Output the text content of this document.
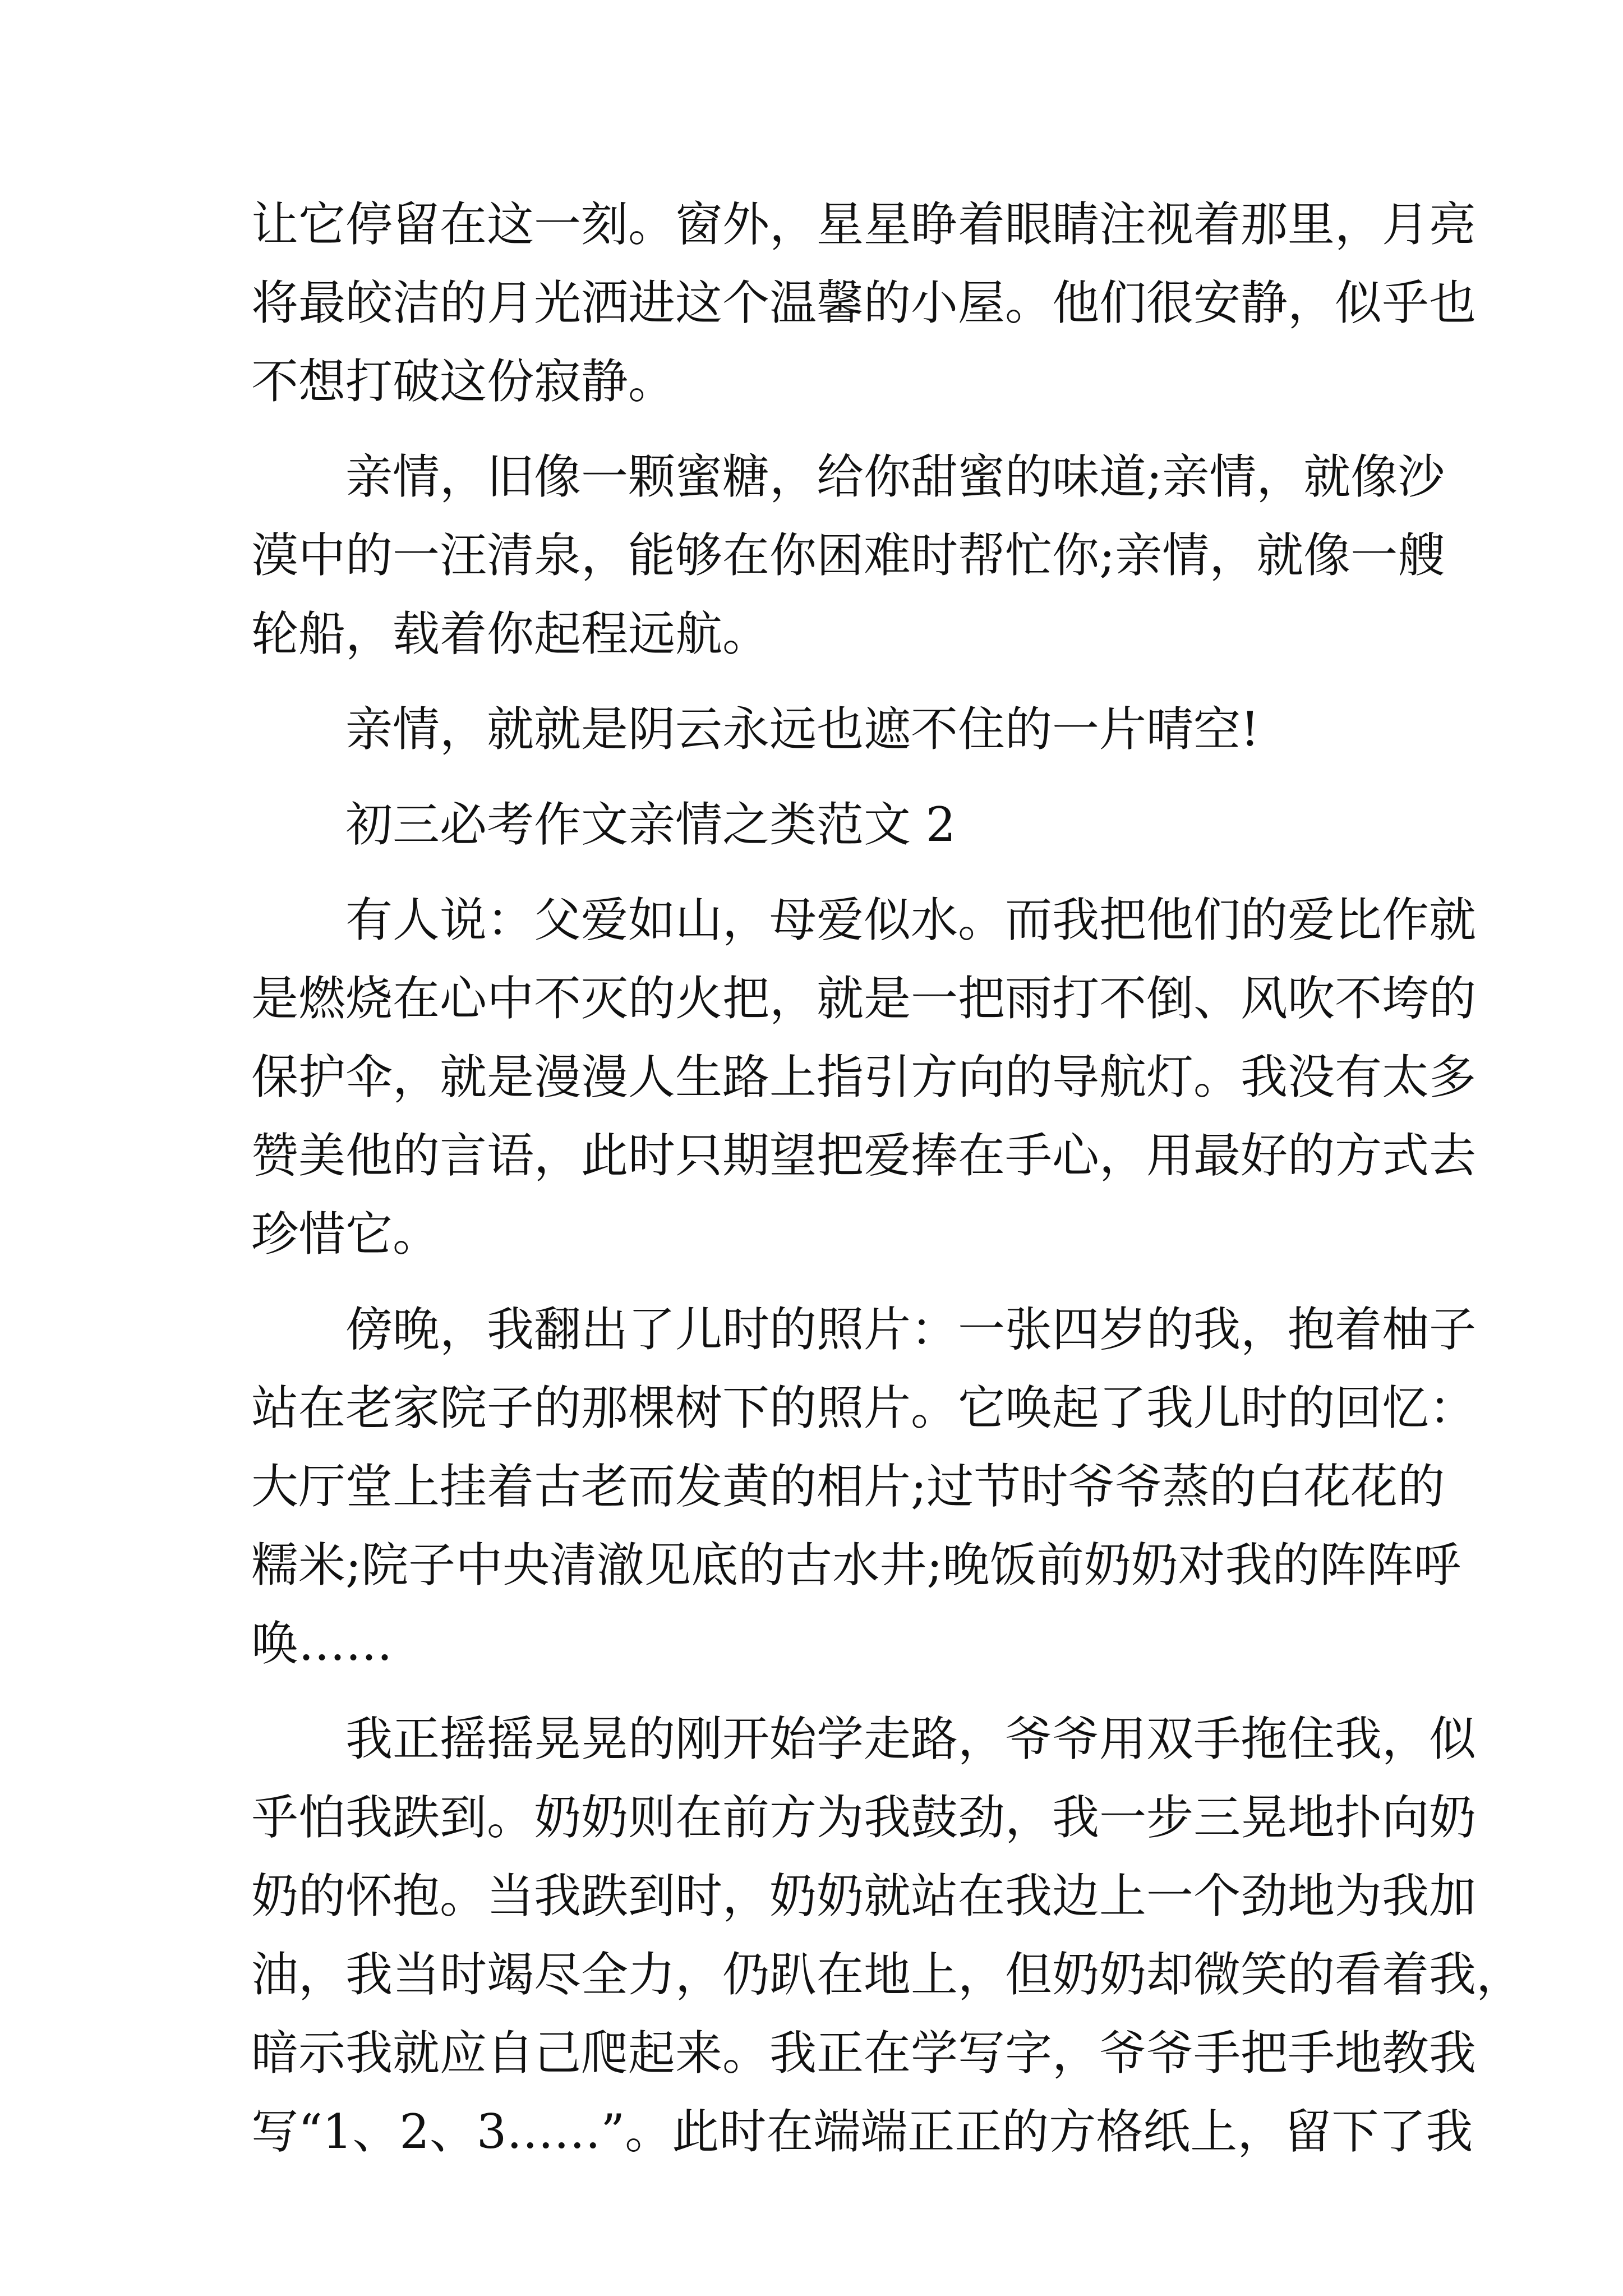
让它停留在这一刻。窗外，星星睁着眼睛注视着那里，月亮
将最皎洁的月光洒进这个温馨的小屋。他们很安静，似乎也
不想打破这份寂静。
亲情，旧像一颗蜜糖，给你甜蜜的味道;亲情，就像沙
漠中的一汪清泉，能够在你困难时帮忙你;亲情，就像一艘
轮船，载着你起程远航。
亲情，就就是阴云永远也遮不住的一片晴空!
初三必考作文亲情之类范文 2
有人说：父爱如山，母爱似水。而我把他们的爱比作就
是燃烧在心中不灭的火把，就是一把雨打不倒、风吹不垮的
保护伞，就是漫漫人生路上指引方向的导航灯。我没有太多
赞美他的言语，此时只期望把爱捧在手心，用最好的方式去
珍惜它。
傍晚，我翻出了儿时的照片：一张四岁的我，抱着柚子
站在老家院子的那棵树下的照片。它唤起了我儿时的回忆：
大厅堂上挂着古老而发黄的相片;过节时爷爷蒸的白花花的
糯米;院子中央清澈见底的古水井;晚饭前奶奶对我的阵阵呼
唤……
我正摇摇晃晃的刚开始学走路，爷爷用双手拖住我，似
乎怕我跌到。奶奶则在前方为我鼓劲，我一步三晃地扑向奶
奶的怀抱。当我跌到时，奶奶就站在我边上一个劲地为我加
油，我当时竭尽全力，仍趴在地上，但奶奶却微笑的看着我，
暗示我就应自己爬起来。我正在学写字，爷爷手把手地教我
写“1、2、3……”。此时在端端正正的方格纸上，留下了我
